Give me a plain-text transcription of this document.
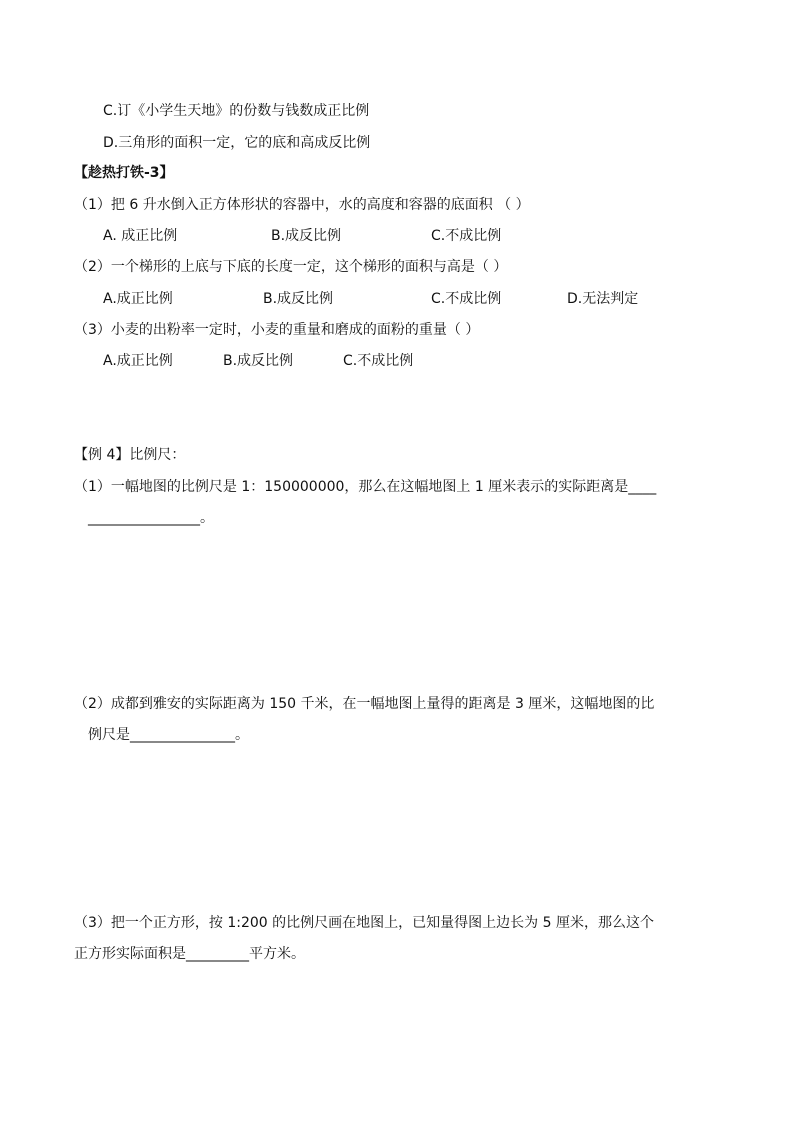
C.订《小学生天地》的份数与钱数成正比例
D.三角形的面积一定，它的底和高成反比例
【趁热打铁-3】
（1）把 6 升水倒入正方体形状的容器中，水的高度和容器的底面积 （ ）
A. 成正比例	B.成反比例	C.不成比例
（2）一个梯形的上底与下底的长度一定，这个梯形的面积与高是（ ）
A.成正比例	B.成反比例	C.不成比例	D.无法判定
（3）小麦的出粉率一定时，小麦的重量和磨成的面粉的重量（ ）
A.成正比例	B.成反比例	C.不成比例
【例 4】比例尺：
（1）一幅地图的比例尺是 1：150000000，那么在这幅地图上 1 厘米表示的实际距离是____
________________。
（2）成都到雅安的实际距离为 150 千米，在一幅地图上量得的距离是 3 厘米，这幅地图的比
例尺是_______________。
（3）把一个正方形，按 1:200 的比例尺画在地图上，已知量得图上边长为 5 厘米，那么这个
正方形实际面积是_________平方米。
